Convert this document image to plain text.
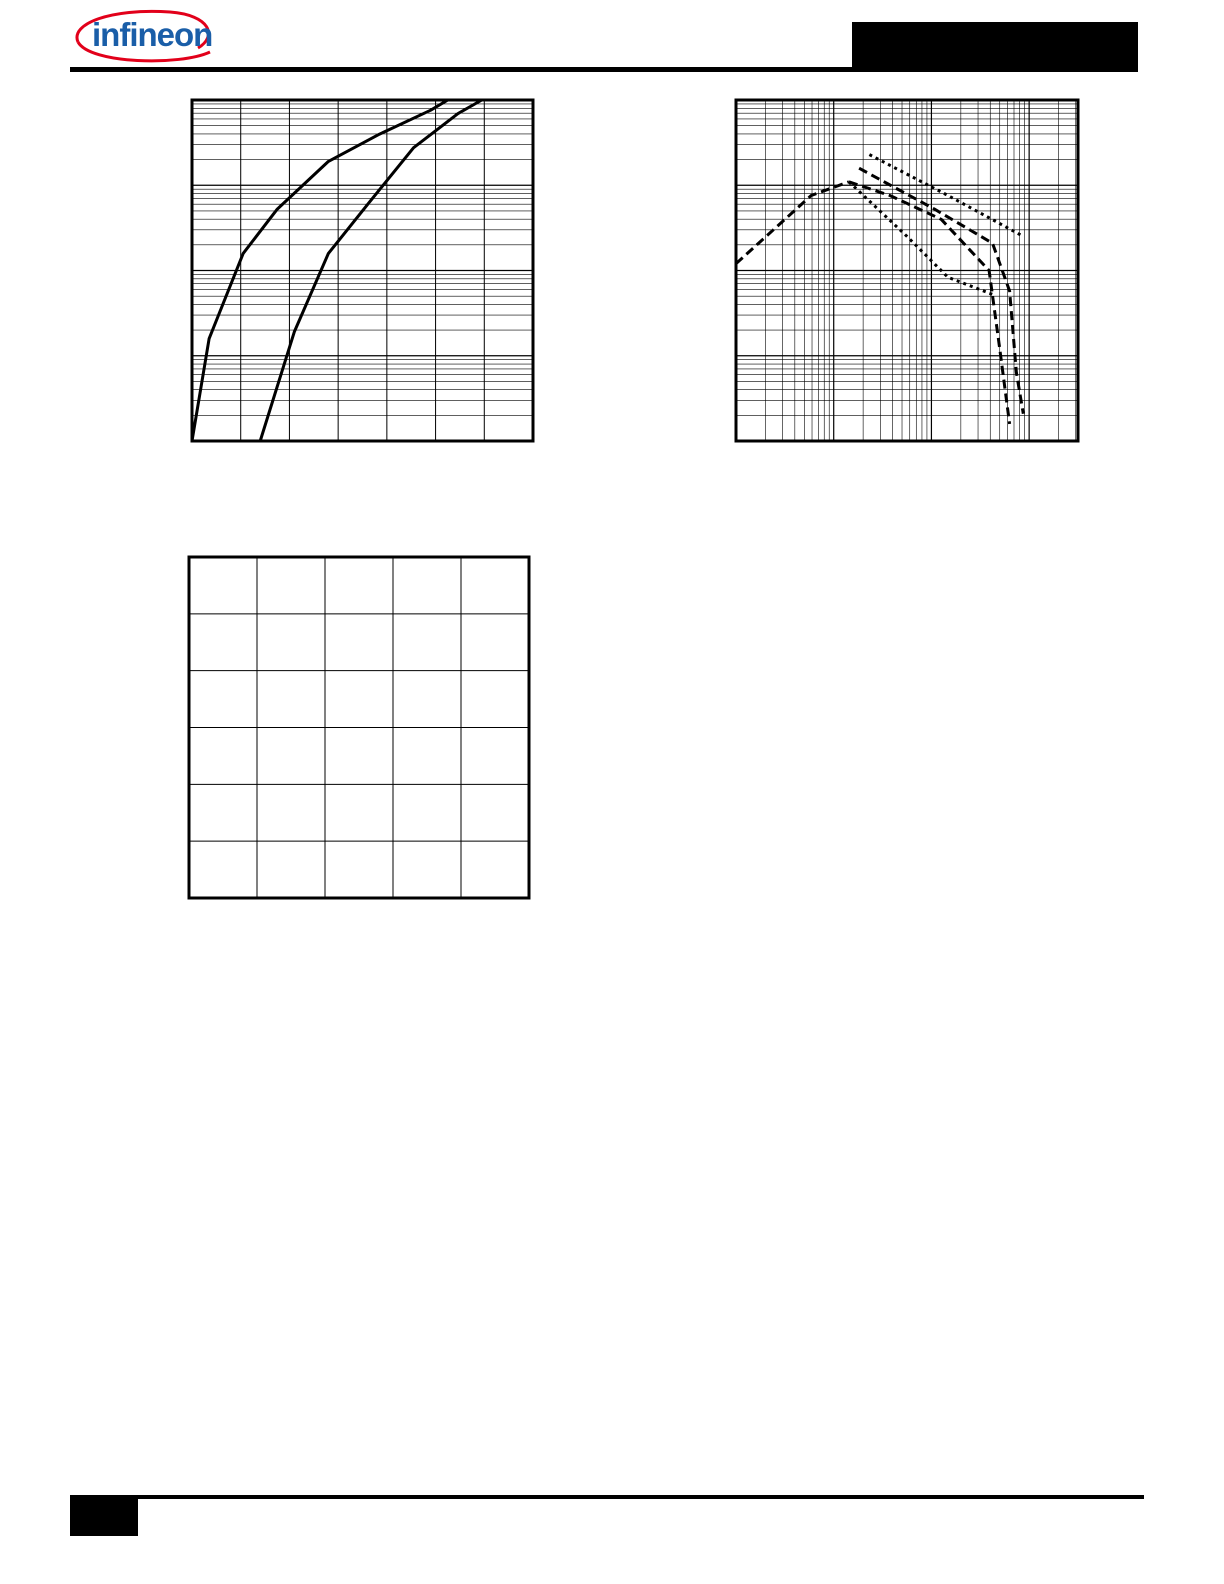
infineon
